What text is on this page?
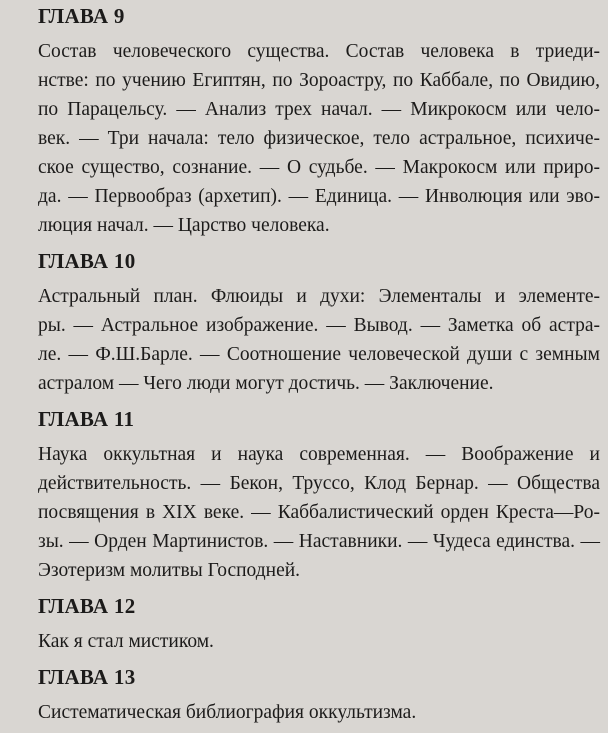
ГЛАВА 9

Состав человеческого существа. Состав человека в триеди-
нстве: по учению Египтян, по Зороастру, по Каббале, по Овидию,
по Парацельсу. — Анализ трех начал. — Микрокосм или чело-
век. — Три начала: тело физическое, тело астральное, психиче-
ское существо, сознание. — О судьбе. — Макрокосм или приро-
да. — Первообраз (архетип). — Единица. — Инволюция или эво-
люция начал. — Царство человека.

ГЛАВА 10

Астральный план. Флюиды и духи: Элементалы и элементе-
ры. — Астральное изображение. — Вывод. — Заметка об астра-
ле. — Ф.Ш.Барле. — Соотношение человеческой души с земным
астралом — Чего люди могут достичь. — Заключение.

ГЛАВА 11

Наука оккультная и наука современная. — Воображение и
действительность. — Бекон, Труссо, Клод Бернар. — Общества
посвящения в XIX веке. — Каббалистический орден Креста—Ро-
зы. — Орден Мартинистов. — Наставники. — Чудеса единства. —
Эзотеризм молитвы Господней.

ГЛАВА 12

Как я стал мистиком.

ГЛАВА 13

Систематическая библиография оккультизма.
